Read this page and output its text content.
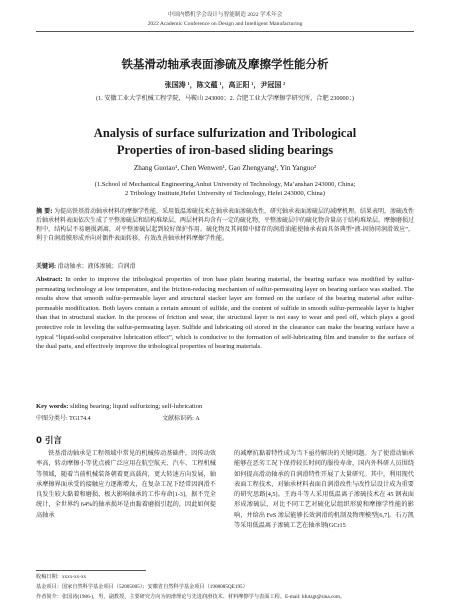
中国内燃机学会设计与智能制造 2022 学术年会
2022 Academic Conference on Design and Intelligent Manufacturing
铁基滑动轴承表面渗硫及摩擦学性能分析
张国涛 ¹，陈文蕴 ¹，高正阳 ¹，尹冠国 ²
(1. 安徽工业大学机械工程学院，马鞍山 243000；2. 合肥工业大学摩擦学研究所，合肥 230000；)
Analysis of surface sulfurization and Tribological
Properties of iron-based sliding bearings
Zhang Guotao¹, Chen Wenwen¹, Gao Zhengyang¹, Yin Yanguo²
(1.School of Mechanical Engineering,Anhui University of Technology, Ma’anshan 243000, China;
2 Tribology Institute,Hefei University of Technology, Hefei 243000, China)
摘 要: 为提高铁基滑动轴承材料的摩擦学性能，采用低温渗硫技术在轴承表面渗硫改性，研究轴承表面渗硫层的减摩机理。结果表明，渗硫改性后轴承材料表面依次生成了平整渗硫层和结构堆垛层，两层材料均含有一定的硫化物，平整渗硫层中的硫化物含量高于结构堆垛层。摩擦磨损过程中，结构层不易磨损剥离，对平整渗硫层起到较好保护作用。硫化物及其间隙中储存的润滑油能使轴承表面具备典型“液-固协同润滑效应”，利于自润滑膜形成并向对偶件表面转移，有效改善轴承材料摩擦学性能。
关键词: 滑动轴承；液体渗硫；自润滑
Abstract: In order to improve the tribological properties of iron base plain bearing material, the bearing surface was modified by sulfur-permeating technology at low temperature, and the friction-reducing mechanism of sulfur-permeating layer on bearing surface was studied. The results show that smooth sulfur-permeable layer and structural stacker layer are formed on the surface of the bearing material after sulfur-permeable modification. Both layers contain a certain amount of sulfide, and the content of sulfide in smooth sulfur-permeable layer is higher than that in structural stacker. In the process of friction and wear, the structural layer is not easy to wear and peel off, which plays a good protective role in leveling the sulfur-permeating layer. Sulfide and lubricating oil stored in the clearance can make the bearing surface have a typical “liquid-solid cooperative lubrication effect”, which is conducive to the formation of self-lubricating film and transfer to the surface of the dual parts, and effectively improve the tribological properties of bearing materials.
Key words: sliding bearing; liquid sulfurizing; self-lubrication
中图分类号: TG174.4	文献标识码: A
0 引言
铁基滑动轴承是工程领域中常见的机械传动基础件，因传动效率高，转动摩擦小等优点被广泛应用在航空航天、汽车、工程机械等领域，随着当前机械装备朝着更高载荷，更大转速方向发展，轴承摩擦界面承受的接触应力逐渐增大，在复杂工况下经常因润滑不良发生较大黏着和磨损，极大影响轴承的工作寿命[1-3]，据不完全统计，全世界约 64%的轴承损坏是由黏着磨损引起的，因此如何提高轴承
的减摩抗黏着特性成为当下亟待解决的关键问题。为了使滑动轴承能够在恶劣工况下保持较长时间的服役寿命，国内外科研人员围绕如何提高滑动轴承的自润滑特性开展了大量研究。其中，利用现代表面工程技术，对轴承材料表面自润滑改性与改性层设计成为重要的研究思路[4,5]。王海斗等人采用低温离子渗硫技术在 45 钢表面形成渗硫层，对比不同工艺对硫化层组织形貌和摩擦学性能的影响，并给出 FeS 渗层能够长效润滑的机制及物理模型[6,7]。石万凯等采用低温离子渗硫工艺在轴承钢(GCr15
收稿日期：xxxx-xx-xx
基金项目：国家自然科学基金项目（52005005）；安徽省自然科学基金项目（1908085QE195）
作者简介：张国涛(1986-)，男，副教授，主要研究方向为润滑理论与先进润滑技术、材料摩擦学与表面工程。E-mail: hfutzgt@sina.com。
